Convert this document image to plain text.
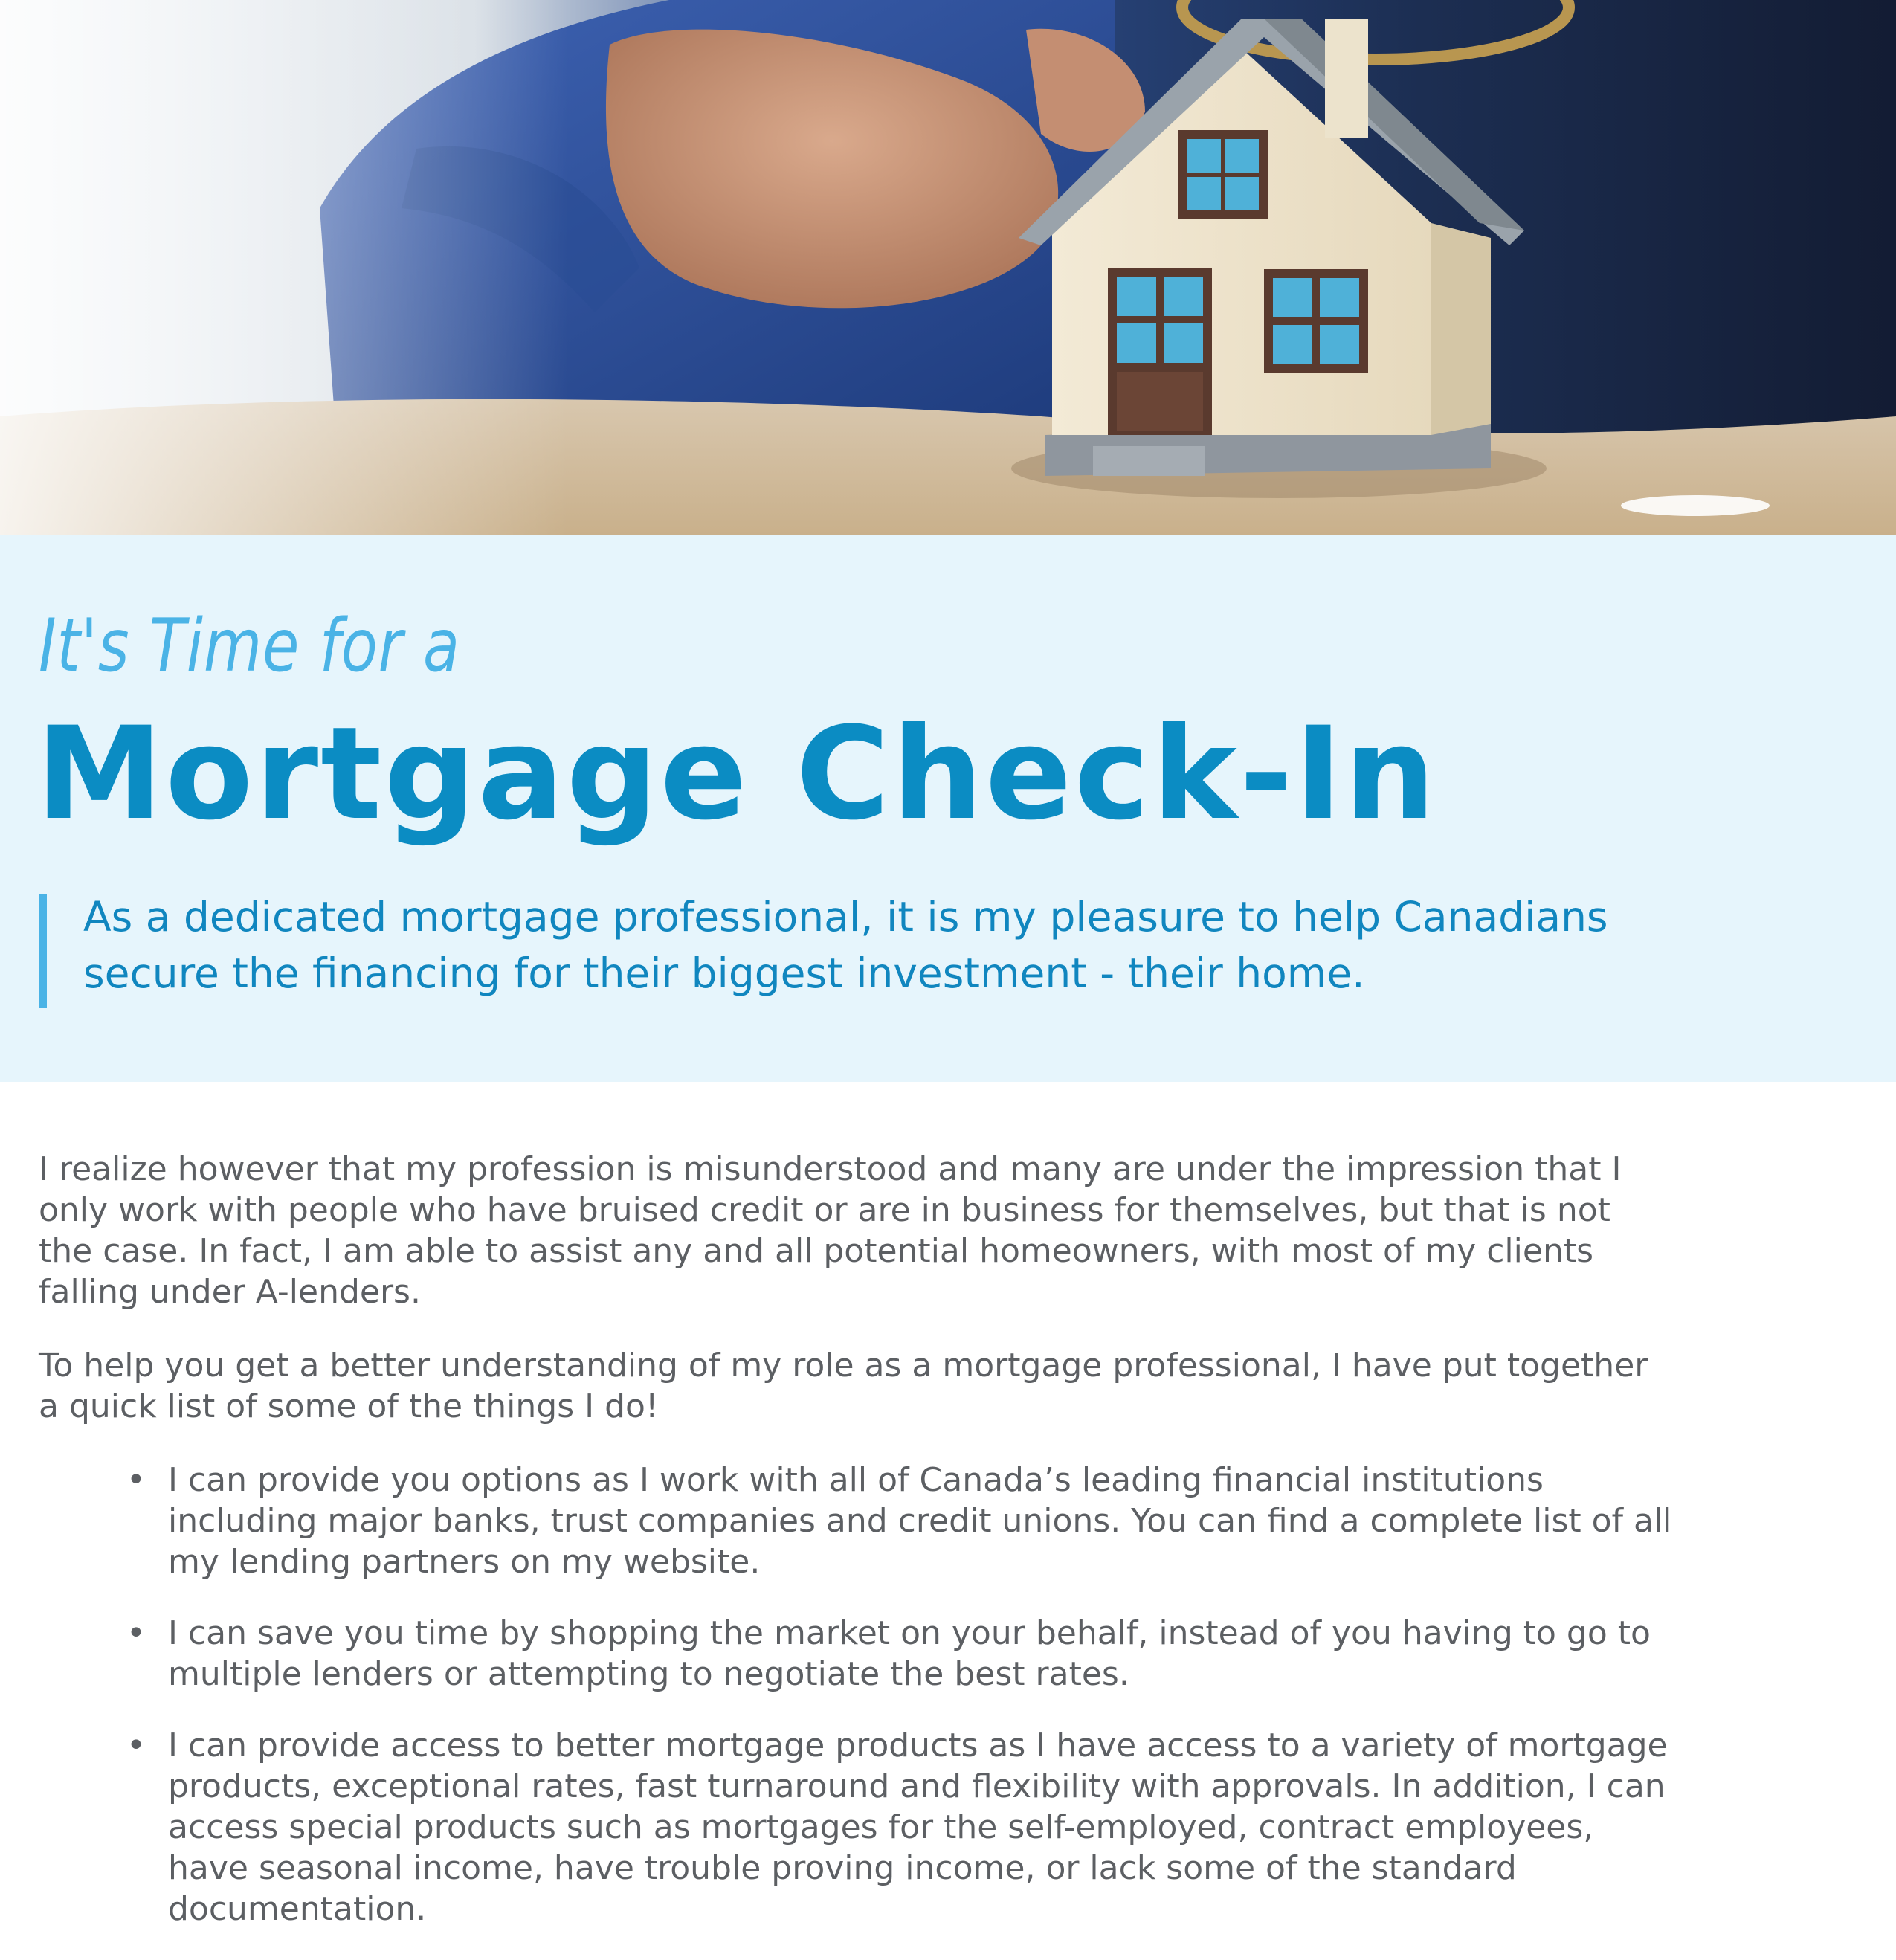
It's Time for a
Mortgage Check-In
As a dedicated mortgage professional, it is my pleasure to help Canadians
secure the financing for their biggest investment - their home.

I realize however that my profession is misunderstood and many are under the impression that I
only work with people who have bruised credit or are in business for themselves, but that is not
the case. In fact, I am able to assist any and all potential homeowners, with most of my clients
falling under A-lenders.

To help you get a better understanding of my role as a mortgage professional, I have put together
a quick list of some of the things I do!

• I can provide you options as I work with all of Canada’s leading financial institutions
including major banks, trust companies and credit unions. You can find a complete list of all
my lending partners on my website.
• I can save you time by shopping the market on your behalf, instead of you having to go to
multiple lenders or attempting to negotiate the best rates.
• I can provide access to better mortgage products as I have access to a variety of mortgage
products, exceptional rates, fast turnaround and flexibility with approvals. In addition, I can
access special products such as mortgages for the self-employed, contract employees,
have seasonal income, have trouble proving income, or lack some of the standard
documentation.
